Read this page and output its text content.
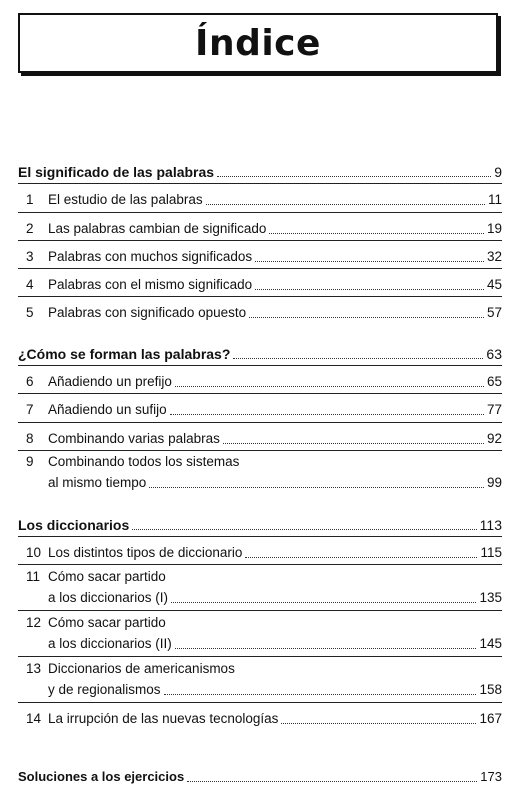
Índice
El significado de las palabras	9
1	El estudio de las palabras	11
2	Las palabras cambian de significado	19
3	Palabras con muchos significados	32
4	Palabras con el mismo significado	45
5	Palabras con significado opuesto	57
¿Cómo se forman las palabras?	63
6	Añadiendo un prefijo	65
7	Añadiendo un sufijo	77
8	Combinando varias palabras	92
9 Combinando todos los sistemas
al mismo tiempo	99
Los diccionarios	113
10 Los distintos tipos de diccionario	115
11 Cómo sacar partido
a los diccionarios (I)	135
12 Cómo sacar partido
a los diccionarios (II)	145
13 Diccionarios de americanismos
y de regionalismos	158
14 La irrupción de las nuevas tecnologías	167
Soluciones a los ejercicios	173
